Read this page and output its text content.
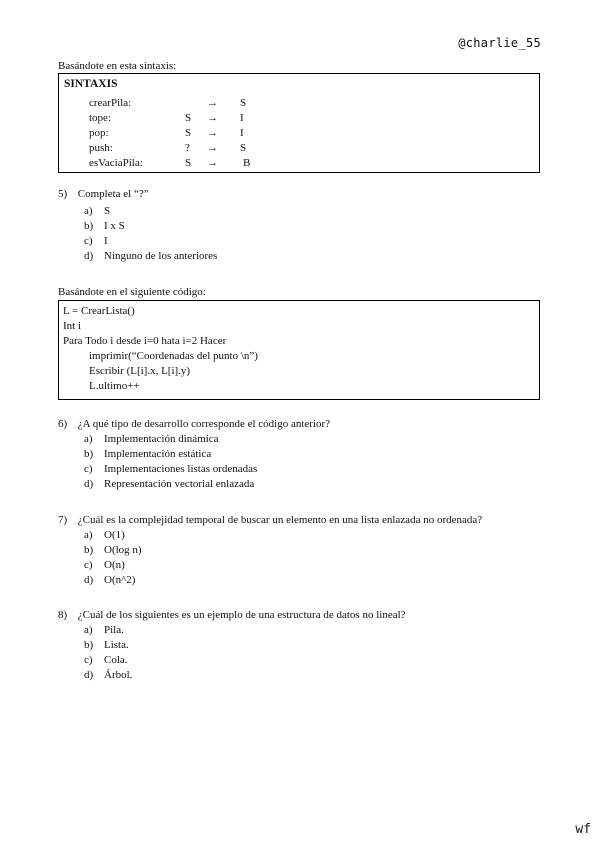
@charlie_55
wf
Basándote en esta sintaxis:
SINTAXIS
crearPila:	→ S
tope:	S → I
pop:	S → I
push:	? → S
esVaciaPila:	S → B
5) Completa el “?”
a) S
b) I x S
c) I
d) Ninguno de los anteriores
Basándote en el siguiente código:
L = CrearLista()
Int i
Para Todo i desde i=0 hata i=2 Hacer
imprimir(“Coordenadas del punto \n”)
Escribir (L[i].x, L[i].y)
L.ultimo++
6) ¿A qué tipo de desarrollo corresponde el código anterior?
a) Implementación dinámica
b) Implementación estática
c) Implementaciones listas ordenadas
d) Representación vectorial enlazada
7) ¿Cuál es la complejidad temporal de buscar un elemento en una lista enlazada no ordenada?
a) O(1)
b) O(log n)
c) O(n)
d) O(n^2)
8) ¿Cuál de los siguientes es un ejemplo de una estructura de datos no lineal?
a) Pila.
b) Lista.
c) Cola.
d) Árbol.
